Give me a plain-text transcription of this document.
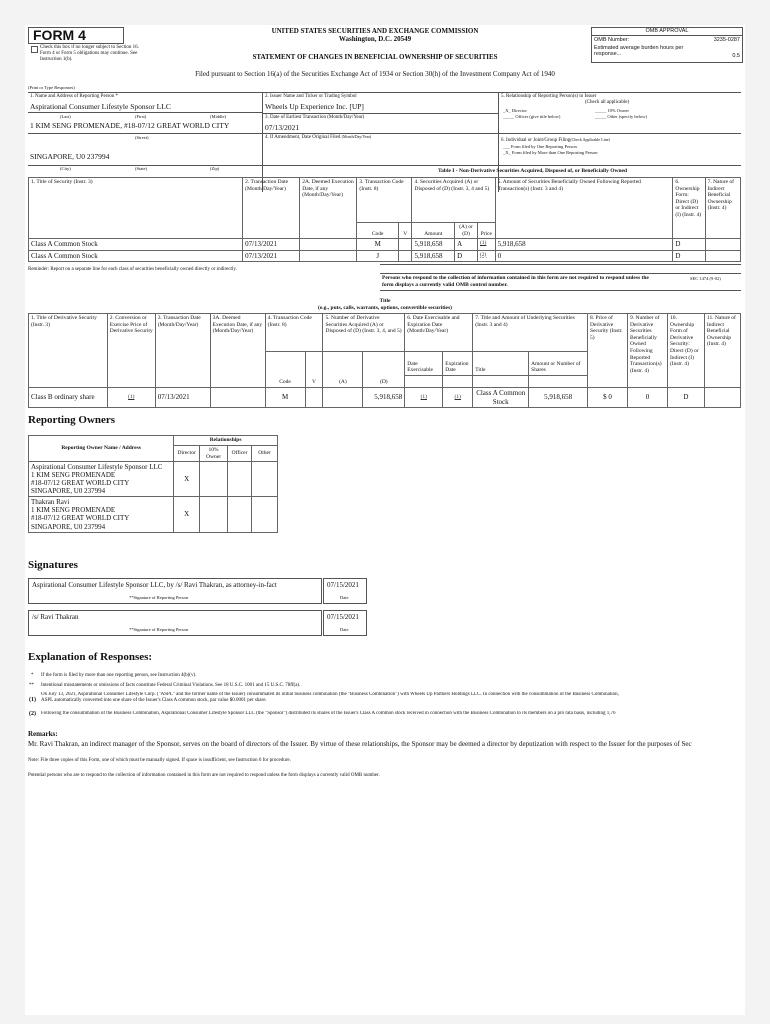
FORM 4
Check this box if no longer subject to Section 16. Form 4 or Form 5 obligations may continue. See Instruction 1(b).
UNITED STATES SECURITIES AND EXCHANGE COMMISSION
Washington, D.C. 20549
STATEMENT OF CHANGES IN BENEFICIAL OWNERSHIP OF SECURITIES
Filed pursuant to Section 16(a) of the Securities Exchange Act of 1934 or Section 30(h) of the Investment Company Act of 1940
OMB APPROVAL
OMB Number:	3235-0287
Estimated average burden hours per response...	0.5
(Print or Type Responses)
1. Name and Address of Reporting Person *
Aspirational Consumer Lifestyle Sponsor LLC
(Last)	(First)	(Middle)
1 KIM SENG PROMENADE, #18-07/12 GREAT WORLD CITY
(Street)
SINGAPORE, U0 237994
(City)	(State)	(Zip)
2. Issuer Name and Ticker or Trading Symbol
Wheels Up Experience Inc. [UP]
3. Date of Earliest Transaction (Month/Day/Year)
07/13/2021
4. If Amendment, Date Original Filed (Month/Day/Year)
5. Relationship of Reporting Person(s) to Issuer
(Check all applicable)
_X_ Director	_____ 10% Owner
_____ Officer (give title below)	_____ Other (specify below)
6. Individual or Joint/Group Filing(Check Applicable Line)
___ Form filed by One Reporting Person
_X_ Form filed by More than One Reporting Person
Table I - Non-Derivative Securities Acquired, Disposed of, or Beneficially Owned
1. Title of Security (Instr. 3)	2. Transaction Date (Month/Day/Year)	2A. Deemed Execution Date, if any (Month/Day/Year)	3. Transaction Code (Instr. 8)		4. Securities Acquired (A) or Disposed of (D) (Instr. 3, 4 and 5)			5. Amount of Securities Beneficially Owned Following Reported Transaction(s) (Instr. 3 and 4)	6. Ownership Form: Direct (D) or Indirect (I) (Instr. 4)	7. Nature of Indirect Beneficial Ownership (Instr. 4)
			Code	V	Amount	(A) or (D)	Price			
Class A Common Stock	07/13/2021		M		5,918,658	A	(1)	5,918,658	D	
Class A Common Stock	07/13/2021		J		5,918,658	D	(2)	0	D	
Reminder: Report on a separate line for each class of securities beneficially owned directly or indirectly.
Persons who respond to the collection of information contained in this form are not required to respond unless the form displays a currently valid OMB control number.
SEC 1474 (9-02)
Title
(e.g., puts, calls, warrants, options, convertible securities)
1. Title of Derivative Security (Instr. 3)	2. Conversion or Exercise Price of Derivative Security	3. Transaction Date (Month/Day/Year)	3A. Deemed Execution Date, if any (Month/Day/Year)	4. Transaction Code (Instr. 8)		5. Number of Derivative Securities Acquired (A) or Disposed of (D) (Instr. 3, 4, and 5)		6. Date Exercisable and Expiration Date (Month/Day/Year)		7. Title and Amount of Underlying Securities (Instr. 3 and 4)		8. Price of Derivative Security (Instr. 5)	9. Number of Derivative Securities Beneficially Owned Following Reported Transaction(s) (Instr. 4)	10. Ownership Form of Derivative Security: Direct (D) or Indirect (I) (Instr. 4)	11. Nature of Indirect Beneficial Ownership (Instr. 4)
				Code	V	(A)	(D)	Date Exercisable	Expiration Date	Title	Amount or Number of Shares				

Class B ordinary share	(1)	07/13/2021		M			5,918,658	(1)	(1)	Class A Common Stock	5,918,658	$ 0	0	D	
Reporting Owners
Reporting Owner Name / Address	Relationships			
	Director	10% Owner	Officer	Other

Aspirational Consumer Lifestyle Sponsor LLC
1 KIM SENG PROMENADE
#18-07/12 GREAT WORLD CITY
SINGAPORE, U0 237994	X			

Thakran Ravi
1 KIM SENG PROMENADE
#18-07/12 GREAT WORLD CITY
SINGAPORE, U0 237994	X			
Signatures
Aspirational Consumer Lifestyle Sponsor LLC, by /s/ Ravi Thakran, as attorney-in-fact
**Signature of Reporting Person
07/15/2021
Date
/s/ Ravi Thakran
**Signature of Reporting Person
07/15/2021
Date
Explanation of Responses:
* If the form is filed by more than one reporting person, see Instruction 4(b)(v).
** Intentional misstatements or omissions of facts constitute Federal Criminal Violations. See 18 U.S.C. 1001 and 15 U.S.C. 78ff(a).
(1)
On July 13, 2021, Aspirational Consumer Lifestyle Corp. ("ASPL" and the former name of the Issuer) consummated its initial business combination (the "Business Combination") with Wheels Up Partners Holdings LLC. In connection with the consummation of the Business Combination,
ASPL automatically converted into one share of the Issuer's Class A common stock, par value $0.0001 per share.
(2) Following the consummation of the Business Combination, Aspirational Consumer Lifestyle Sponsor LLC (the "Sponsor") distributed its shares of the Issuer's Class A common stock received in connection with the Business Combination to its members on a pro rata basis, including 1,76
Remarks:
Mr. Ravi Thakran, an indirect manager of the Sponsor, serves on the board of directors of the Issuer. By virtue of these relationships, the Sponsor may be deemed a director by deputization with respect to the Issuer for the purposes of Sec
Note: File three copies of this Form, one of which must be manually signed. If space is insufficient, see Instruction 6 for procedure.
Potential persons who are to respond to the collection of information contained in this form are not required to respond unless the form displays a currently valid OMB number.
